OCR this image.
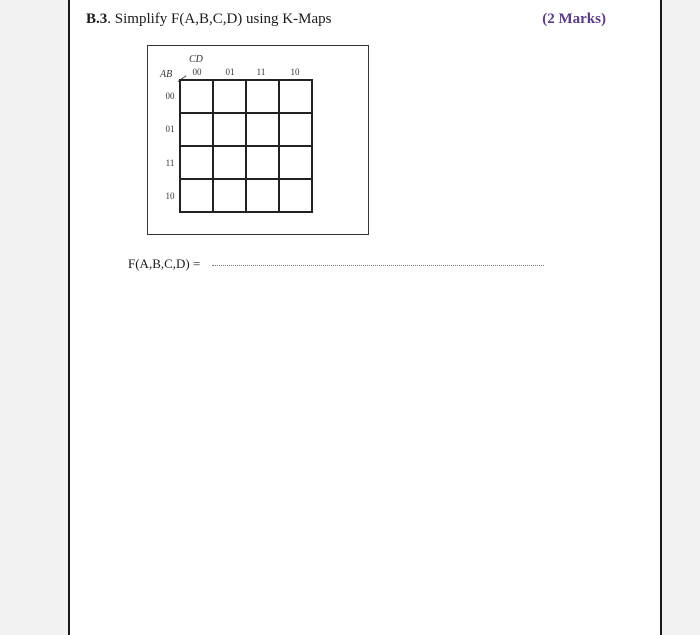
B.3. Simplify F(A,B,C,D) using K-Maps	(2 Marks)
CD
AB	00	01	11	10
00
01
11
10
F(A,B,C,D) =
